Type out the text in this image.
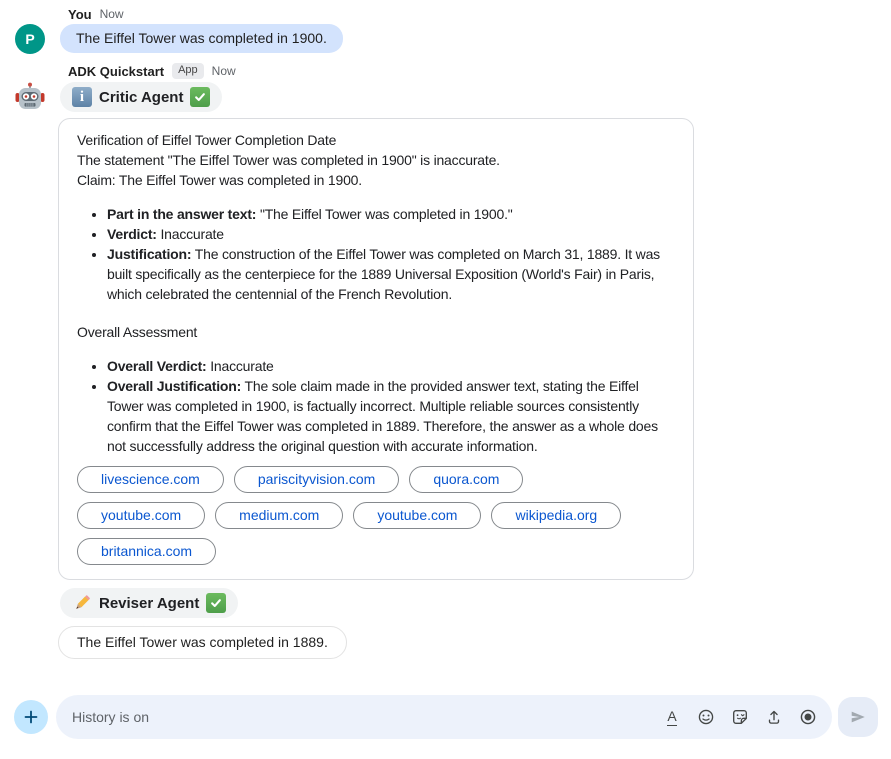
You Now
P	The Eiffel Tower was completed in 1900.
ADK Quickstart	App	Now
i Critic Agent

Verification of Eiffel Tower Completion Date

The statement "The Eiffel Tower was completed in 1900" is inaccurate.

Claim: The Eiffel Tower was completed in 1900.

• Part in the answer text: "The Eiffel Tower was completed in 1900."
• Verdict: Inaccurate
• Justification: The construction of the Eiffel Tower was completed on March 31, 1889. It was built specifically as the centerpiece for the 1889 Universal Exposition (World's Fair) in Paris, which celebrated the centennial of the French Revolution.

Overall Assessment

• Overall Verdict: Inaccurate
• Overall Justification: The sole claim made in the provided answer text, stating the Eiffel Tower was completed in 1900, is factually incorrect. Multiple reliable sources consistently confirm that the Eiffel Tower was completed in 1889. Therefore, the answer as a whole does not successfully address the original question with accurate information.
livescience.com	pariscityvision.com	quora.com
youtube.com	medium.com	youtube.com	wikipedia.org
britannica.com
Reviser Agent
The Eiffel Tower was completed in 1889.
History is on	A
